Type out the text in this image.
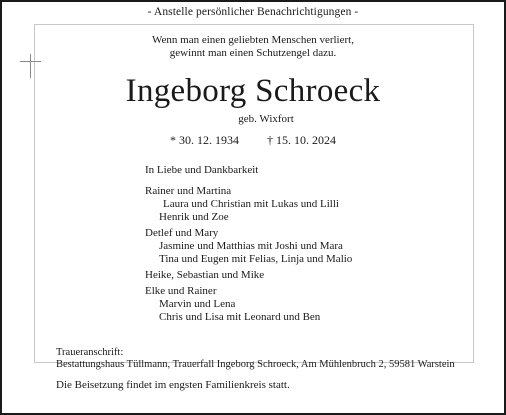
- Anstelle persönlicher Benachrichtigungen -
Wenn man einen geliebten Menschen verliert,
gewinnt man einen Schutzengel dazu.
Ingeborg Schroeck
geb. Wixfort
* 30. 12. 1934 † 15. 10. 2024
In Liebe und Dankbarkeit
Rainer und Martina
Laura und Christian mit Lukas und Lilli
Henrik und Zoe
Detlef und Mary
Jasmine und Matthias mit Joshi und Mara
Tina und Eugen mit Felias, Linja und Malio
Heike, Sebastian und Mike
Elke und Rainer
Marvin und Lena
Chris und Lisa mit Leonard und Ben
Traueranschrift:
Bestattungshaus Tüllmann, Trauerfall Ingeborg Schroeck, Am Mühlenbruch 2, 59581 Warstein
Die Beisetzung findet im engsten Familienkreis statt.
